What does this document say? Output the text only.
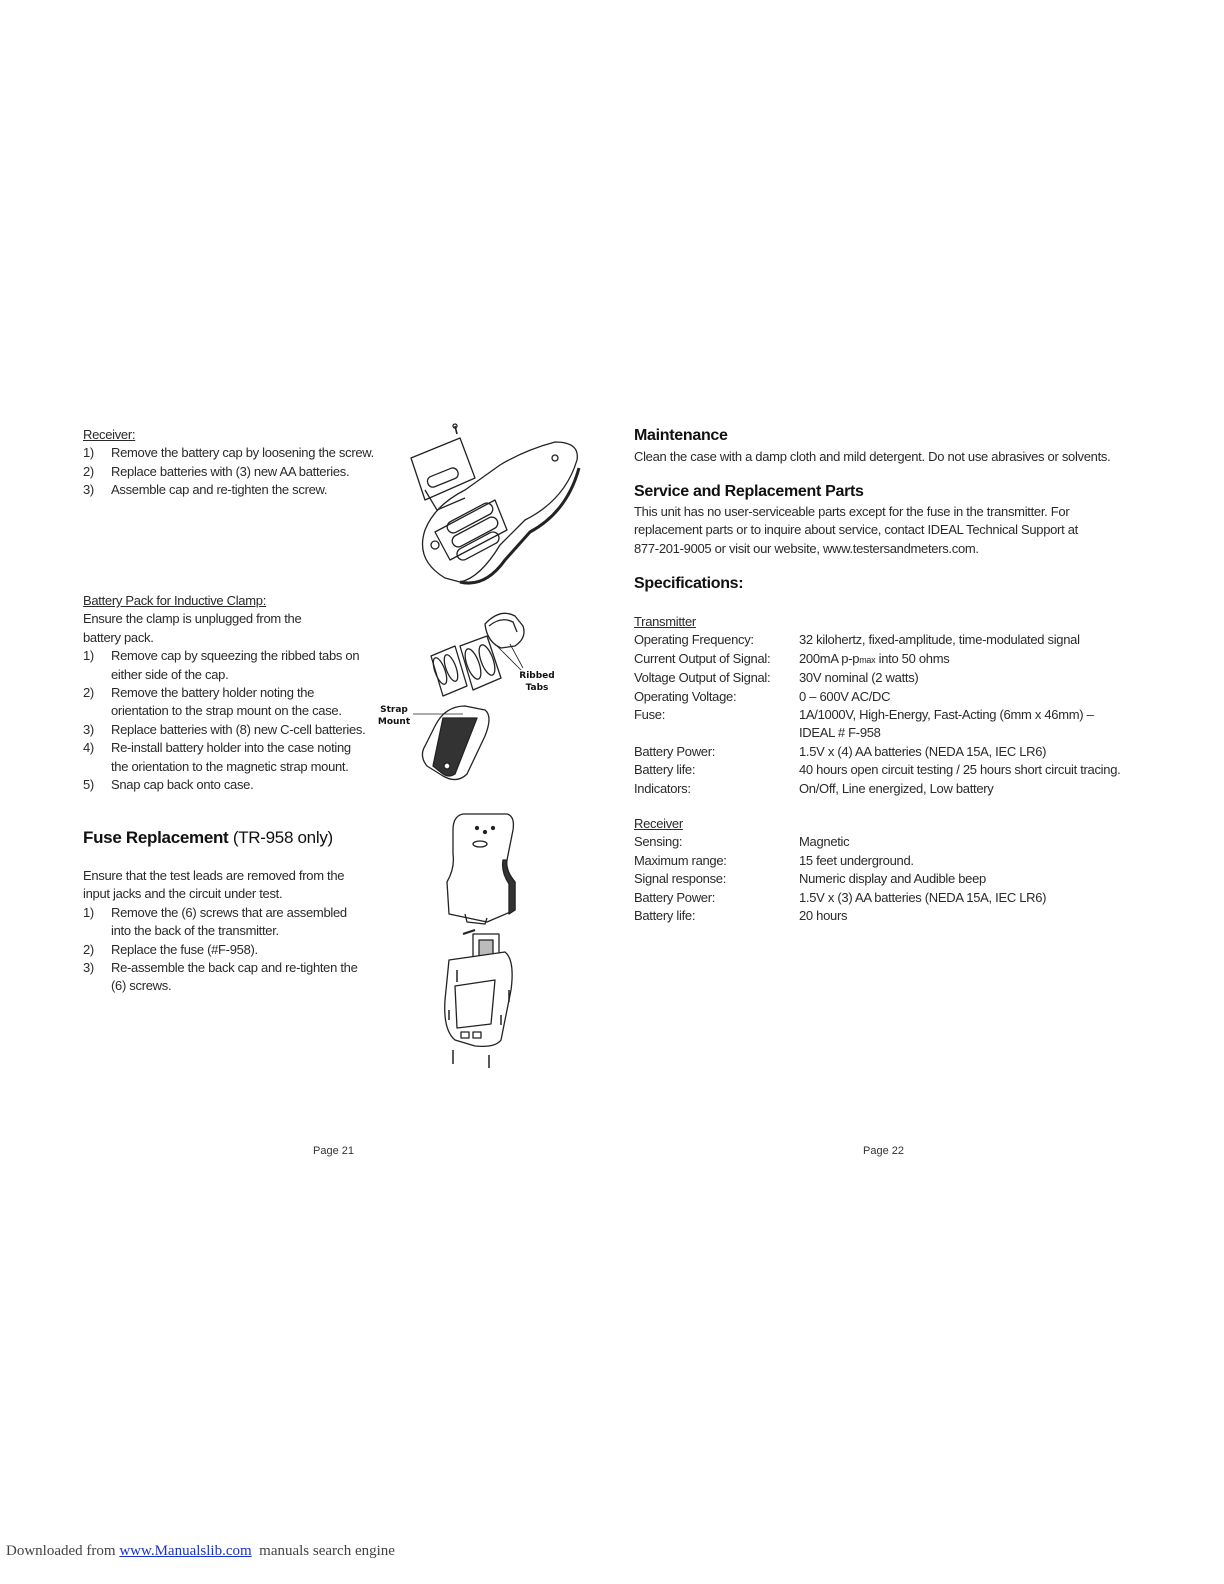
Receiver:
1) Remove the battery cap by loosening the screw.
2) Replace batteries with (3) new AA batteries.
3) Assemble cap and re-tighten the screw.
Battery Pack for Inductive Clamp:
Ensure the clamp is unplugged from the
battery pack.
1) Remove cap by squeezing the ribbed tabs on
either side of the cap.
2) Remove the battery holder noting the
orientation to the strap mount on the case.
3) Replace batteries with (8) new C-cell batteries.
4) Re-install battery holder into the case noting
the orientation to the magnetic strap mount.
5) Snap cap back onto case.
Ribbed
Tabs
Strap
Mount
Fuse Replacement (TR-958 only)
Ensure that the test leads are removed from the
input jacks and the circuit under test.
1) Remove the (6) screws that are assembled
into the back of the transmitter.
2) Replace the fuse (#F-958).
3) Re-assemble the back cap and re-tighten the
(6) screws.
Page 21
Maintenance
Clean the case with a damp cloth and mild detergent. Do not use abrasives or solvents.
Service and Replacement Parts
This unit has no user-serviceable parts except for the fuse in the transmitter. For
replacement parts or to inquire about service, contact IDEAL Technical Support at
877-201-9005 or visit our website, www.testersandmeters.com.
Specifications:
Transmitter
Operating Frequency:	32 kilohertz, fixed-amplitude, time-modulated signal
Current Output of Signal:	200mA p-pmax into 50 ohms
Voltage Output of Signal:	30V nominal (2 watts)
Operating Voltage:	0 – 600V AC/DC
Fuse:	1A/1000V, High-Energy, Fast-Acting (6mm x 46mm) –
IDEAL # F-958
Battery Power:	1.5V x (4) AA batteries (NEDA 15A, IEC LR6)
Battery life:	40 hours open circuit testing / 25 hours short circuit tracing.
Indicators:	On/Off, Line energized, Low battery
Receiver
Sensing:	Magnetic
Maximum range:	15 feet underground.
Signal response:	Numeric display and Audible beep
Battery Power:	1.5V x (3) AA batteries (NEDA 15A, IEC LR6)
Battery life:	20 hours
Page 22
Downloaded from www.Manualslib.com  manuals search engine
